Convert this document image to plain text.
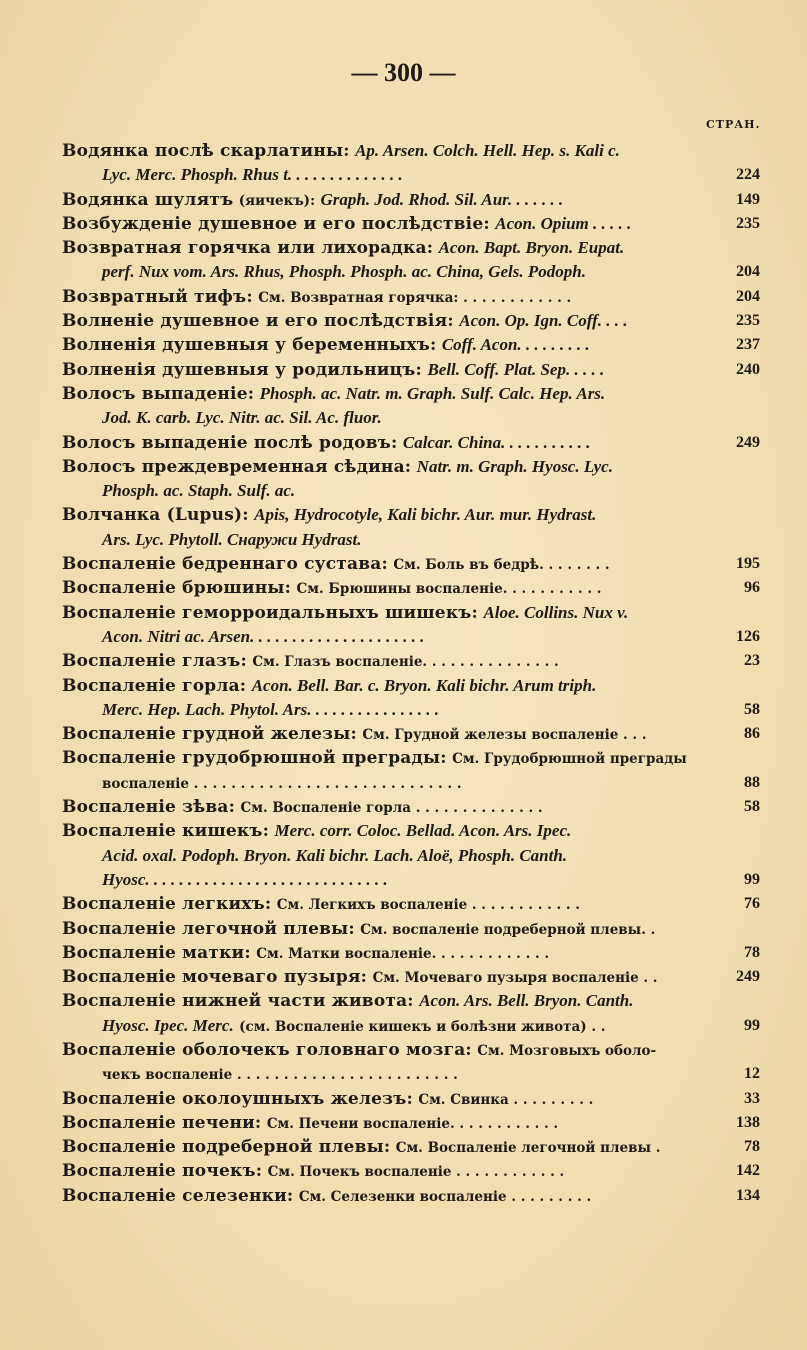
— 300 —
СТРАН.
Водянка послѣ скарлатины: Ap. Arsen. Colch. Hell. Hep. s. Kali c.
Lyc. Merc. Phosph. Rhus t. . . . . . . . . . . . . .	224
Водянка шулятъ (яичекъ): Graph. Jod. Rhod. Sil. Aur. . . . . . .	149
Возбужденіе душевное и его послѣдствіе: Acon. Opium . . . . .	235
Возвратная горячка или лихорадка: Acon. Bapt. Bryon. Eupat.
perf. Nux vom. Ars. Rhus, Phosph. Phosph. ac. China, Gels. Podoph.	204
Возвратный тифъ: См. Возвратная горячка: . . . . . . . . . . . .	204
Волненіе душевное и его послѣдствія: Acon. Op. Ign. Coff. . . .	235
Волненія душевныя у беременныхъ: Coff. Acon. . . . . . . . .	237
Волненія душевныя у родильницъ: Bell. Coff. Plat. Sep. . . . .	240
Волосъ выпаденіе: Phosph. ac. Natr. m. Graph. Sulf. Calc. Hep. Ars.
Jod. K. carb. Lyc. Nitr. ac. Sil. Ac. fluor.
Волосъ выпаденіе послѣ родовъ: Calcar. China. . . . . . . . . . .	249
Волосъ преждевременная сѣдина: Natr. m. Graph. Hyosc. Lyc.
Phosph. ac. Staph. Sulf. ac.
Волчанка (Lupus): Apis, Hydrocotyle, Kali bichr. Aur. mur. Hydrast.
Ars. Lyc. Phytoll. Снаружи Hydrast.
Воспаленіе бедреннаго сустава: См. Боль въ бедрѣ. . . . . . . .	195
Воспаленіе брюшины: См. Брюшины воспаленіе. . . . . . . . . . .	96
Воспаленіе геморроидальныхъ шишекъ: Aloe. Collins. Nux v.
Acon. Nitri ac. Arsen. . . . . . . . . . . . . . . . . . . . .	126
Воспаленіе глазъ: См. Глазъ воспаленіе. . . . . . . . . . . . . . .	23
Воспаленіе горла: Acon. Bell. Bar. c. Bryon. Kali bichr. Arum triph.
Merc. Hep. Lach. Phytol. Ars. . . . . . . . . . . . . . . .	58
Воспаленіе грудной железы: См. Грудной железы воспаленіе . . .	86
Воспаленіе грудобрюшной преграды: См. Грудобрюшной преграды
воспаленіе . . . . . . . . . . . . . . . . . . . . . . . . . . . . .	88
Воспаленіе зѣва: См. Воспаленіе горла . . . . . . . . . . . . . .	58
Воспаленіе кишекъ: Merc. corr. Coloc. Bellad. Acon. Ars. Ipec.
Acid. oxal. Podoph. Bryon. Kali bichr. Lach. Aloë, Phosph. Canth.
Hyosc. . . . . . . . . . . . . . . . . . . . . . . . . . . . .	99
Воспаленіе легкихъ: См. Легкихъ воспаленіе . . . . . . . . . . . .	76
Воспаленіе легочной плевы: См. воспаленіе подреберной плевы. .
Воспаленіе матки: См. Матки воспаленіе. . . . . . . . . . . . .	78
Воспаленіе мочеваго пузыря: См. Мочеваго пузыря воспаленіе . .	249
Воспаленіе нижней части живота: Acon. Ars. Bell. Bryon. Canth.
Hyosc. Ipec. Merc. (см. Воспаленіе кишекъ и болѣзни живота) . .	99
Воспаленіе оболочекъ головнаго мозга: См. Мозговыхъ оболо-
чекъ воспаленіе . . . . . . . . . . . . . . . . . . . . . . . .	12
Воспаленіе околоушныхъ железъ: См. Свинка . . . . . . . . .	33
Воспаленіе печени: См. Печени воспаленіе. . . . . . . . . . . .	138
Воспаленіе подреберной плевы: См. Воспаленіе легочной плевы .	78
Воспаленіе почекъ: См. Почекъ воспаленіе . . . . . . . . . . . .	142
Воспаленіе селезенки: См. Селезенки воспаленіе . . . . . . . . .	134
